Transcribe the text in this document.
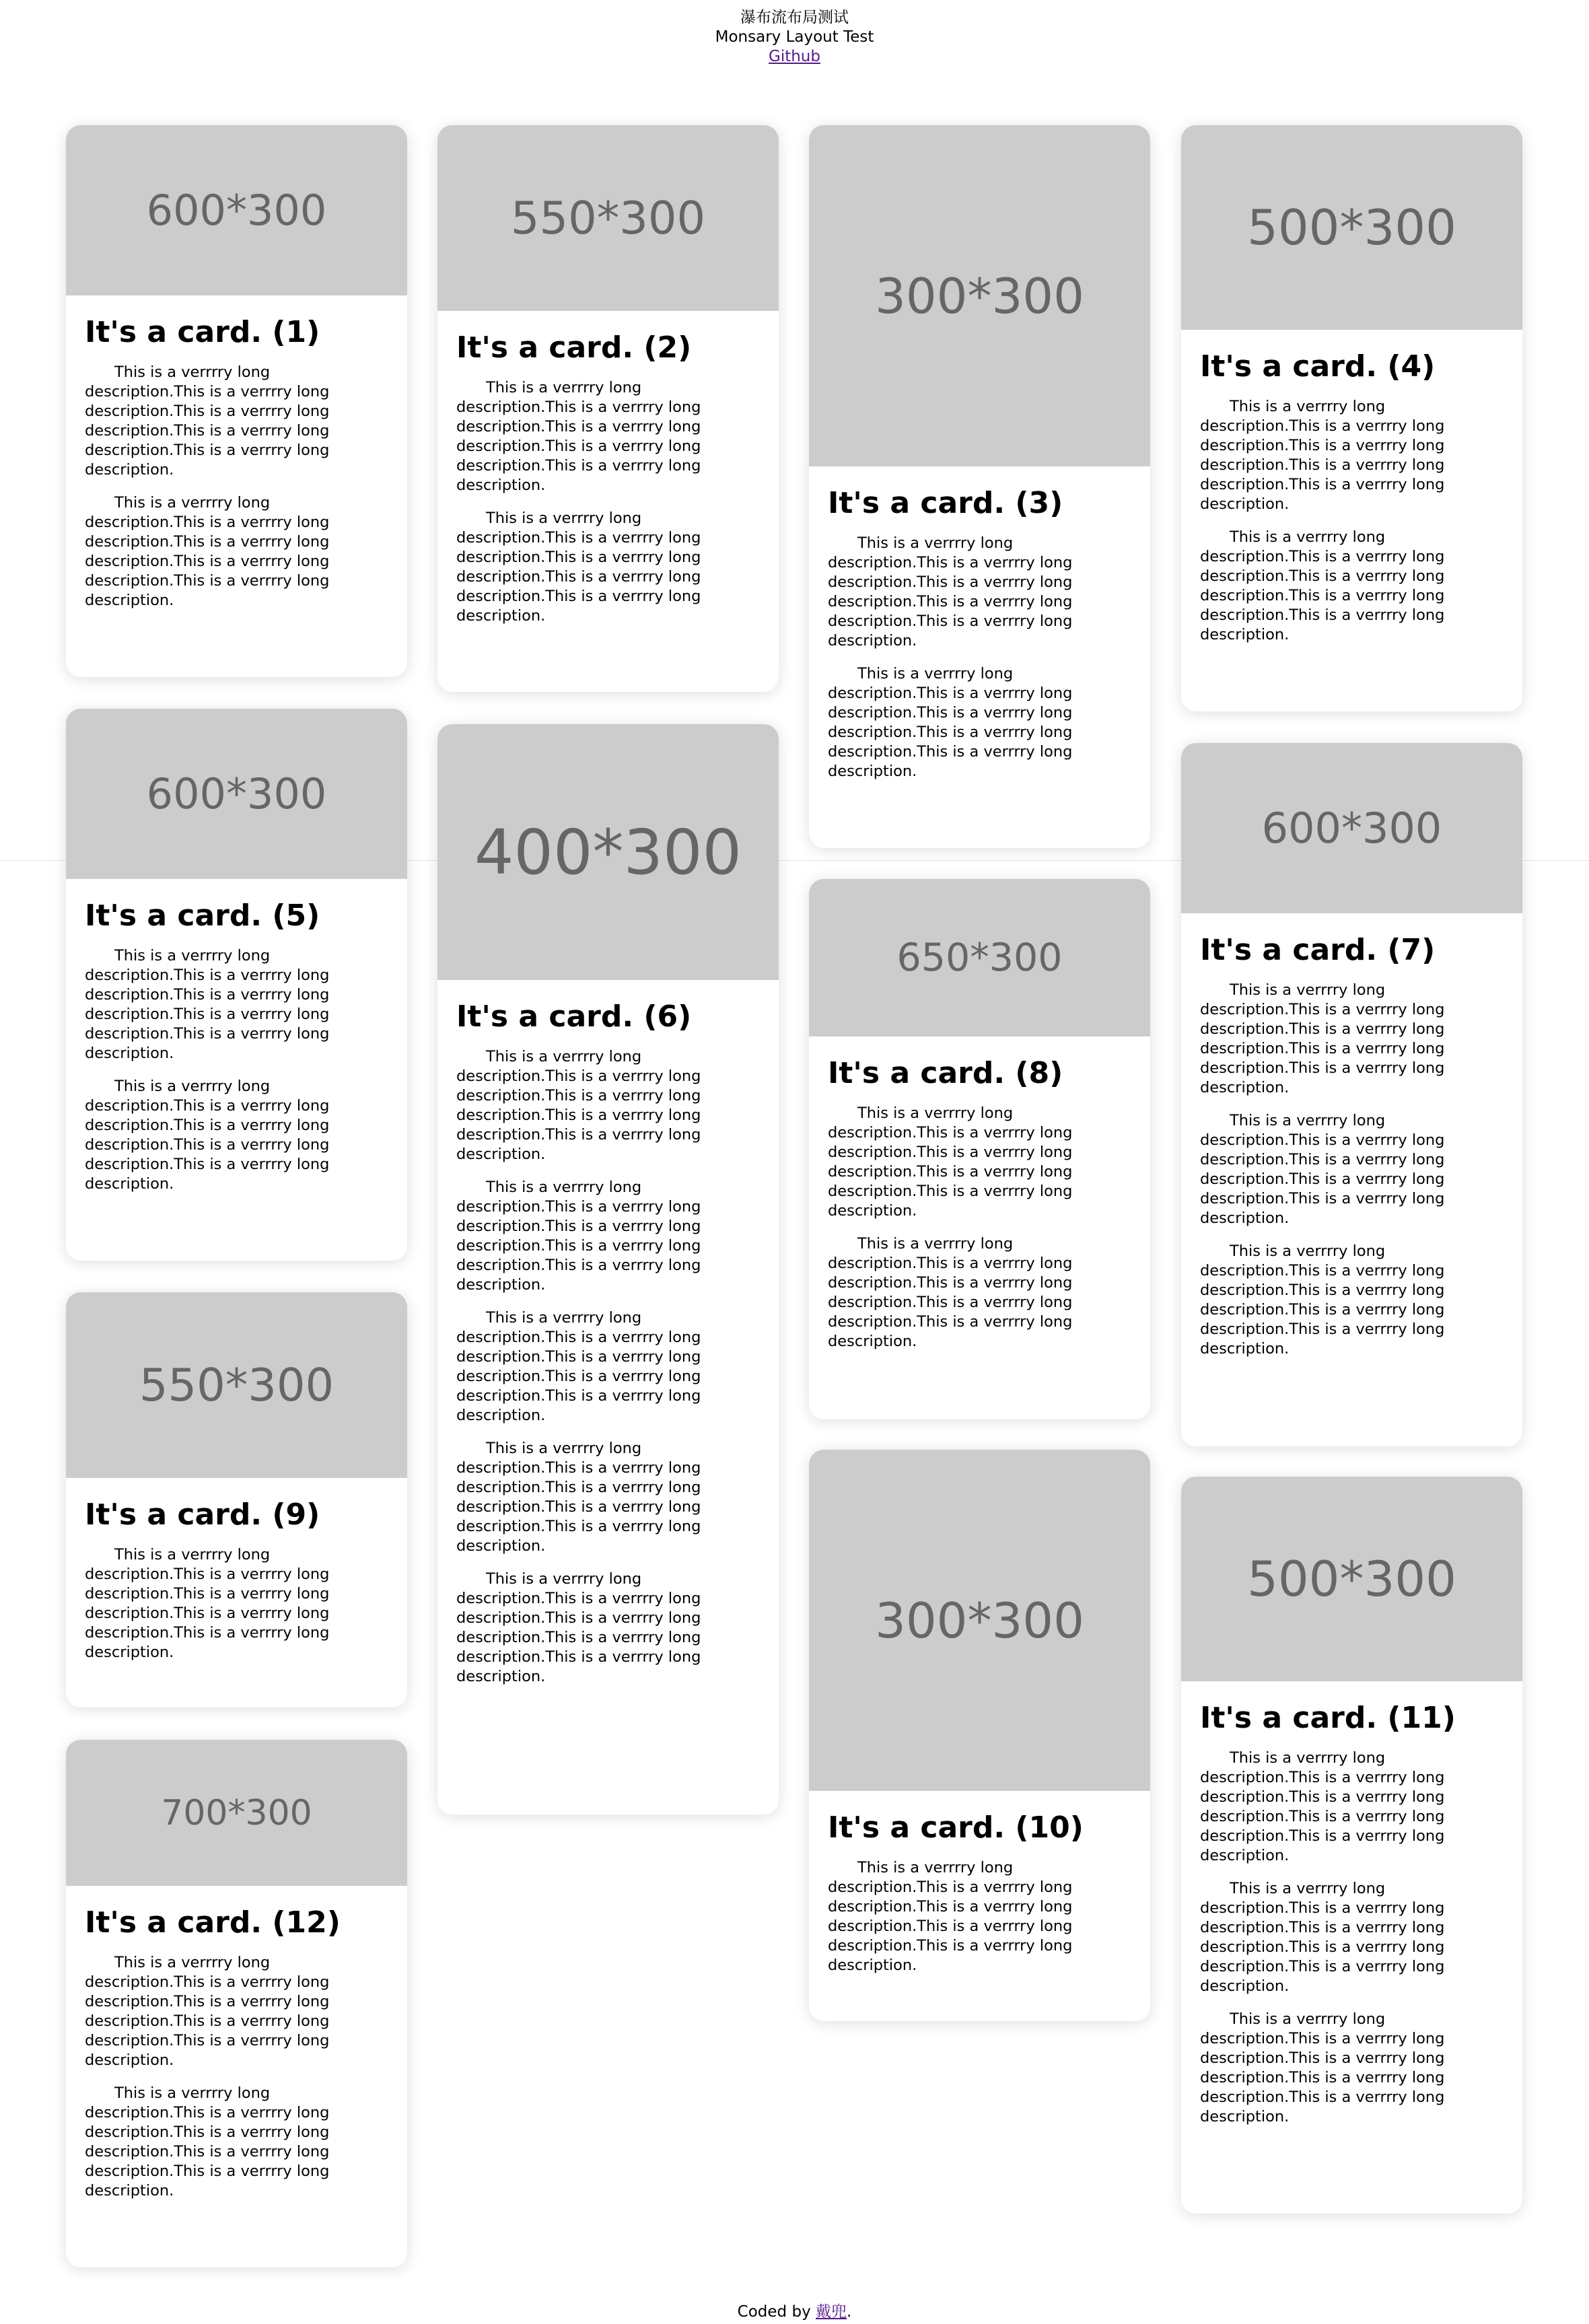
瀑布流布局测试
Monsary Layout Test
Github
600*300
It's a card. (1)

This is a verrrry long description.This is a verrrry long description.This is a verrrry long description.This is a verrrry long description.This is a verrrry long description.

This is a verrrry long description.This is a verrrry long description.This is a verrrry long description.This is a verrrry long description.This is a verrrry long description.

600*300
It's a card. (5)

This is a verrrry long description.This is a verrrry long description.This is a verrrry long description.This is a verrrry long description.This is a verrrry long description.

This is a verrrry long description.This is a verrrry long description.This is a verrrry long description.This is a verrrry long description.This is a verrrry long description.

550*300
It's a card. (9)

This is a verrrry long description.This is a verrrry long description.This is a verrrry long description.This is a verrrry long description.This is a verrrry long description.

700*300
It's a card. (12)

This is a verrrry long description.This is a verrrry long description.This is a verrrry long description.This is a verrrry long description.This is a verrrry long description.

This is a verrrry long description.This is a verrrry long description.This is a verrrry long description.This is a verrrry long description.This is a verrrry long description.

550*300
It's a card. (2)

This is a verrrry long description.This is a verrrry long description.This is a verrrry long description.This is a verrrry long description.This is a verrrry long description.

This is a verrrry long description.This is a verrrry long description.This is a verrrry long description.This is a verrrry long description.This is a verrrry long description.

400*300
It's a card. (6)

This is a verrrry long description.This is a verrrry long description.This is a verrrry long description.This is a verrrry long description.This is a verrrry long description.

This is a verrrry long description.This is a verrrry long description.This is a verrrry long description.This is a verrrry long description.This is a verrrry long description.

This is a verrrry long description.This is a verrrry long description.This is a verrrry long description.This is a verrrry long description.This is a verrrry long description.

This is a verrrry long description.This is a verrrry long description.This is a verrrry long description.This is a verrrry long description.This is a verrrry long description.

This is a verrrry long description.This is a verrrry long description.This is a verrrry long description.This is a verrrry long description.This is a verrrry long description.

300*300
It's a card. (3)

This is a verrrry long description.This is a verrrry long description.This is a verrrry long description.This is a verrrry long description.This is a verrrry long description.

This is a verrrry long description.This is a verrrry long description.This is a verrrry long description.This is a verrrry long description.This is a verrrry long description.

650*300
It's a card. (8)

This is a verrrry long description.This is a verrrry long description.This is a verrrry long description.This is a verrrry long description.This is a verrrry long description.

This is a verrrry long description.This is a verrrry long description.This is a verrrry long description.This is a verrrry long description.This is a verrrry long description.

300*300
It's a card. (10)

This is a verrrry long description.This is a verrrry long description.This is a verrrry long description.This is a verrrry long description.This is a verrrry long description.

500*300
It's a card. (4)

This is a verrrry long description.This is a verrrry long description.This is a verrrry long description.This is a verrrry long description.This is a verrrry long description.

This is a verrrry long description.This is a verrrry long description.This is a verrrry long description.This is a verrrry long description.This is a verrrry long description.

600*300
It's a card. (7)

This is a verrrry long description.This is a verrrry long description.This is a verrrry long description.This is a verrrry long description.This is a verrrry long description.

This is a verrrry long description.This is a verrrry long description.This is a verrrry long description.This is a verrrry long description.This is a verrrry long description.

This is a verrrry long description.This is a verrrry long description.This is a verrrry long description.This is a verrrry long description.This is a verrrry long description.

500*300
It's a card. (11)

This is a verrrry long description.This is a verrrry long description.This is a verrrry long description.This is a verrrry long description.This is a verrrry long description.

This is a verrrry long description.This is a verrrry long description.This is a verrrry long description.This is a verrrry long description.This is a verrrry long description.

This is a verrrry long description.This is a verrrry long description.This is a verrrry long description.This is a verrrry long description.This is a verrrry long description.

Coded by 戴兜.
